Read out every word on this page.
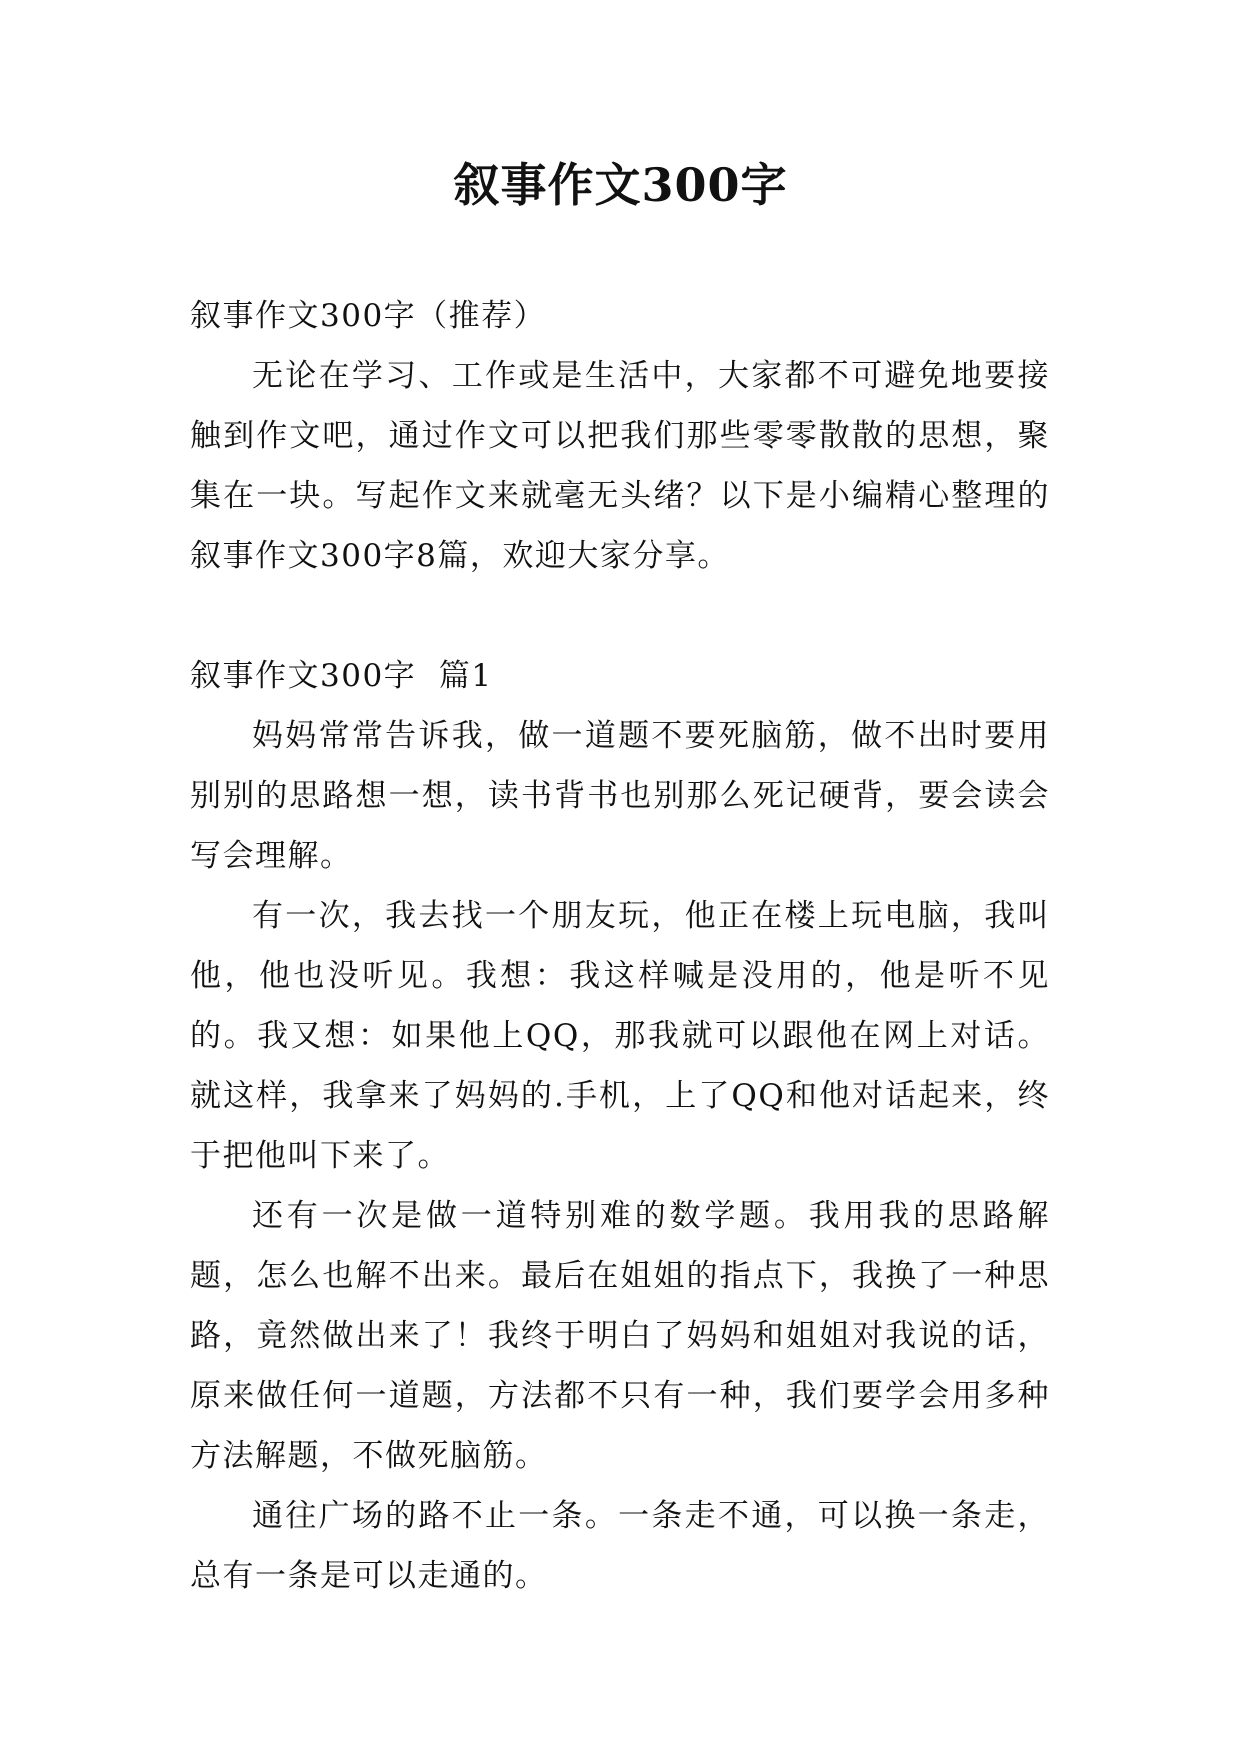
叙事作文300字

叙事作文300字（推荐）

无论在学习、工作或是生活中，大家都不可避免地要接触到作文吧，通过作文可以把我们那些零零散散的思想，聚集在一块。写起作文来就毫无头绪？以下是小编精心整理的叙事作文300字8篇，欢迎大家分享。

叙事作文300字  篇1

妈妈常常告诉我，做一道题不要死脑筋，做不出时要用别别的思路想一想，读书背书也别那么死记硬背，要会读会写会理解。

有一次，我去找一个朋友玩，他正在楼上玩电脑，我叫他，他也没听见。我想：我这样喊是没用的，他是听不见的。我又想：如果他上QQ，那我就可以跟他在网上对话。就这样，我拿来了妈妈的.手机，上了QQ和他对话起来，终于把他叫下来了。

还有一次是做一道特别难的数学题。我用我的思路解题，怎么也解不出来。最后在姐姐的指点下，我换了一种思路，竟然做出来了！我终于明白了妈妈和姐姐对我说的话，原来做任何一道题，方法都不只有一种，我们要学会用多种方法解题，不做死脑筋。

通往广场的路不止一条。一条走不通，可以换一条走，总有一条是可以走通的。
